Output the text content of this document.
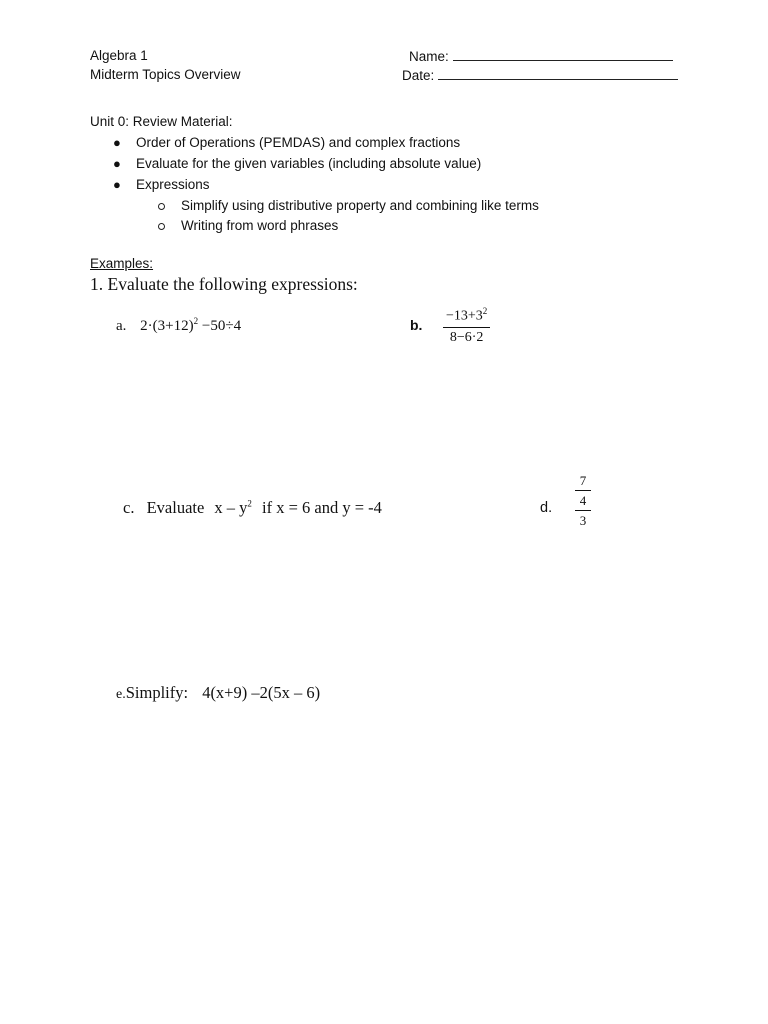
Algebra 1
Midterm Topics Overview
Name:
Date:
Unit 0: Review Material:
● Order of Operations (PEMDAS) and complex fractions
● Evaluate for the given variables (including absolute value)
● Expressions
Simplify using distributive property and combining like terms
Writing from word phrases
Examples:
1. Evaluate the following expressions:
a. $2\cdot(3+12)^2 -50\div 4$	b. $\frac{-13+3^2}{8-6\cdot 2}$
c. Evaluate x – $y^2$ if x = 6 and y = -4	d.
7
4
3
e.Simplify: 4(x+9) –2(5x – 6)
